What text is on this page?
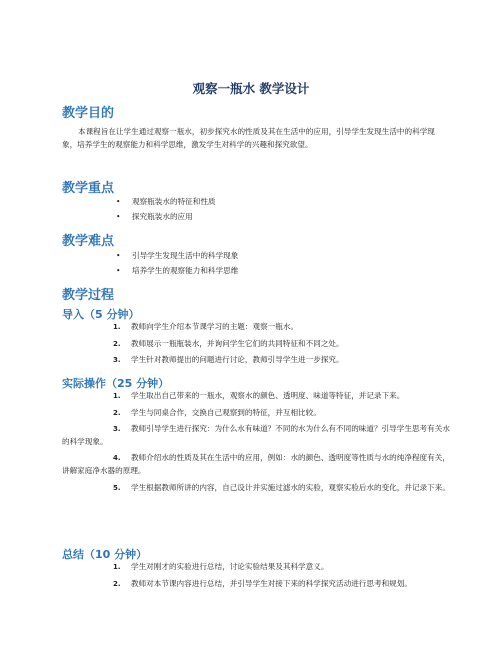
观察一瓶水 教学设计
教学目的

本课程旨在让学生通过观察一瓶水，初步探究水的性质及其在生活中的应用，引导学生发现生活中的科学现象，培养学生的观察能力和科学思维，激发学生对科学的兴趣和探究欲望。

教学重点
• 观察瓶装水的特征和性质
• 探究瓶装水的应用
教学难点
• 引导学生发现生活中的科学现象
• 培养学生的观察能力和科学思维
教学过程
导入（5 分钟）
1. 教师向学生介绍本节课学习的主题：观察一瓶水。
2. 教师展示一瓶瓶装水，并询问学生它们的共同特征和不同之处。
3. 学生针对教师提出的问题进行讨论，教师引导学生进一步探究。
实际操作（25 分钟）
1. 学生取出自己带来的一瓶水，观察水的颜色、透明度、味道等特征，并记录下来。
2. 学生与同桌合作，交换自己观察到的特征，并互相比较。
3. 教师引导学生进行探究：为什么水有味道？不同的水为什么有不同的味道？引导学生思考有关水的科学现象。
4. 教师介绍水的性质及其在生活中的应用，例如：水的颜色、透明度等性质与水的纯净程度有关，讲解家庭净水器的原理。
5. 学生根据教师所讲的内容，自己设计并实施过滤水的实验，观察实验后水的变化，并记录下来。
总结（10 分钟）
1. 学生对刚才的实验进行总结，讨论实验结果及其科学意义。
2. 教师对本节课内容进行总结，并引导学生对接下来的科学探究活动进行思考和规划。
